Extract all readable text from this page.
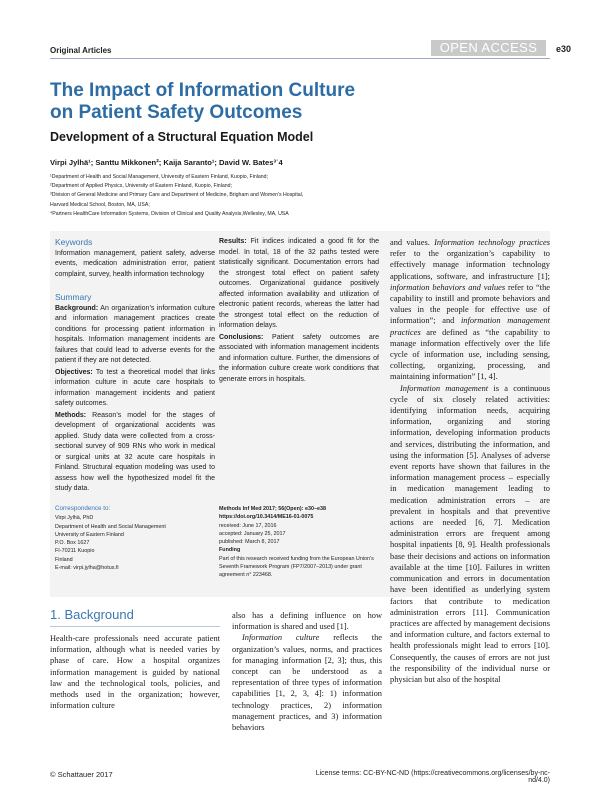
Original Articles	OPEN ACCESS	e30
The Impact of Information Culture
on Patient Safety Outcomes
Development of a Structural Equation Model
Virpi Jylhä¹; Santtu Mikkonen²; Kaija Saranto¹; David W. Bates³˙4
¹Department of Health and Social Management, University of Eastern Finland, Kuopio, Finland;
²Department of Applied Physics, University of Eastern Finland, Kuopio, Finland;
³Division of General Medicine and Primary Care and Department of Medicine, Brigham and Women’s Hospital,
Harvard Medical School, Boston, MA, USA;
⁴Partners HealthCare Information Systems, Division of Clinical and Quality Analysis,Wellesley, MA, USA
Keywords

Information management, patient safety, adverse events, medication administration error, patient complaint, survey, health information technology

Summary

Background: An organization’s information culture and information management practices create conditions for processing patient information in hospitals. Information management incidents are failures that could lead to adverse events for the patient if they are not detected.

Objectives: To test a theoretical model that links information culture in acute care hospitals to information management incidents and patient safety outcomes.

Methods: Reason’s model for the stages of development of organizational accidents was applied. Study data were collected from a cross-sectional survey of 909 RNs who work in medical or surgical units at 32 acute care hospitals in Finland. Structural equation modeling was used to assess how well the hypothesized model fit the study data.

Results: Fit indices indicated a good fit for the model. In total, 18 of the 32 paths tested were statistically significant. Documentation errors had the strongest total effect on patient safety outcomes. Organizational guidance positively affected information availability and utilization of electronic patient records, whereas the latter had the strongest total effect on the reduction of information delays.

Conclusions: Patient safety outcomes are associated with information management incidents and information culture. Further, the dimensions of the information culture create work conditions that generate errors in hospitals.

Correspondence to:
Virpi Jylhä, PhD
Department of Health and Social Management
University of Eastern Finland
P.O. Box 1627
FI-70211 Kuopio
Finland
E-mail: virpi.jylha@hotus.fi
Methods Inf Med 2017; 56(Open): e30–e38
https://doi.org/10.3414/ME16-01-0075
received: June 17, 2016
accepted: January 25, 2017
published: March 8, 2017
Funding
Part of this research received funding from the European Union’s Seventh Framework Program (FP7/2007–2013) under grant agreement n° 223468.

and values. Information technology practices refer to the organization’s capability to effectively manage information technology applications, software, and infrastructure [1]; information behaviors and values refer to “the capability to instill and promote behaviors and values in the people for effective use of information”; and information management practices are defined as “the capability to manage information effectively over the life cycle of information use, including sensing, collecting, organizing, processing, and maintaining information” [1, 4].

Information management is a continuous cycle of six closely related activities: identifying information needs, acquiring information, organizing and storing information, developing information products and services, distributing the information, and using the information [5]. Analyses of adverse event reports have shown that failures in the information management process – especially in medication management leading to medication administration errors – are prevalent in hospitals and that preventive actions are needed [6, 7]. Medication administration errors are frequent among hospital inpatients [8, 9]. Health professionals base their decisions and actions on information available at the time [10]. Failures in written communication and errors in documentation have been identified as underlying system factors that contribute to medication administration errors [11]. Communication practices are affected by management decisions and information culture, and factors external to health professionals might lead to errors [10]. Consequently, the causes of errors are not just the responsibility of the individual nurse or physician but also of the hospital

1. Background

Health-care professionals need accurate patient information, although what is needed varies by phase of care. How a hospital organizes information management is guided by national law and the technological tools, policies, and methods used in the organization; however, information culture

also has a defining influence on how information is shared and used [1].

Information culture reflects the organization’s values, norms, and practices for managing information [2, 3]; thus, this concept can be understood as a representation of three types of information capabilities [1, 2, 3, 4]: 1) information technology practices, 2) information management practices, and 3) information behaviors

© Schattauer 2017	License terms: CC-BY-NC-ND (https://creativecommons.org/licenses/by-nc-nd/4.0)
